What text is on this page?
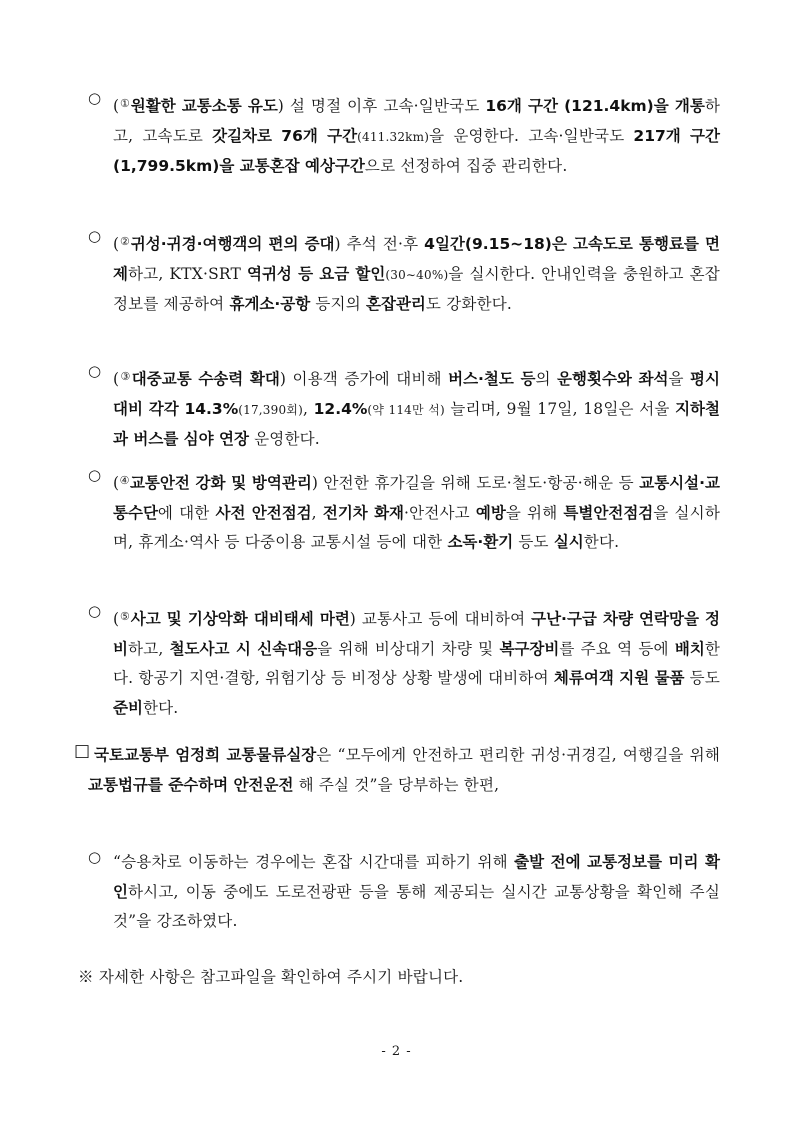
○ (①원활한 교통소통 유도) 설 명절 이후 고속·일반국도 16개 구간 (121.4km)을 개통하고, 고속도로 갓길차로 76개 구간(411.32km)을 운영한다. 고속·일반국도 217개 구간(1,799.5km)을 교통혼잡 예상구간으로 선정하여 집중 관리한다.
○ (②귀성·귀경·여행객의 편의 증대) 추석 전·후 4일간(9.15∼18)은 고속도로 통행료를 면제하고, KTX·SRT 역귀성 등 요금 할인(30∼40%)을 실시한다. 안내인력을 충원하고 혼잡정보를 제공하여 휴게소·공항 등지의 혼잡관리도 강화한다.
○ (③대중교통 수송력 확대) 이용객 증가에 대비해 버스·철도 등의 운행횟수와 좌석을 평시 대비 각각 14.3%(17,390회), 12.4%(약 114만 석) 늘리며, 9월 17일, 18일은 서울 지하철과 버스를 심야 연장 운영한다.
○ (④교통안전 강화 및 방역관리) 안전한 휴가길을 위해 도로·철도·항공·해운 등 교통시설·교통수단에 대한 사전 안전점검, 전기차 화재·안전사고 예방을 위해 특별안전점검을 실시하며, 휴게소·역사 등 다중이용 교통시설 등에 대한 소독·환기 등도 실시한다.
○ (⑤사고 및 기상악화 대비태세 마련) 교통사고 등에 대비하여 구난·구급 차량 연락망을 정비하고, 철도사고 시 신속대응을 위해 비상대기 차량 및 복구장비를 주요 역 등에 배치한다. 항공기 지연·결항, 위험기상 등 비정상 상황 발생에 대비하여 체류여객 지원 물품 등도 준비한다.
□ 국토교통부 엄정희 교통물류실장은 “모두에게 안전하고 편리한 귀성·귀경길, 여행길을 위해 교통법규를 준수하며 안전운전 해 주실 것”을 당부하는 한편,
○ “승용차로 이동하는 경우에는 혼잡 시간대를 피하기 위해 출발 전에 교통정보를 미리 확인하시고, 이동 중에도 도로전광판 등을 통해 제공되는 실시간 교통상황을 확인해 주실 것”을 강조하였다.
※ 자세한 사항은 참고파일을 확인하여 주시기 바랍니다.
- 2 -
